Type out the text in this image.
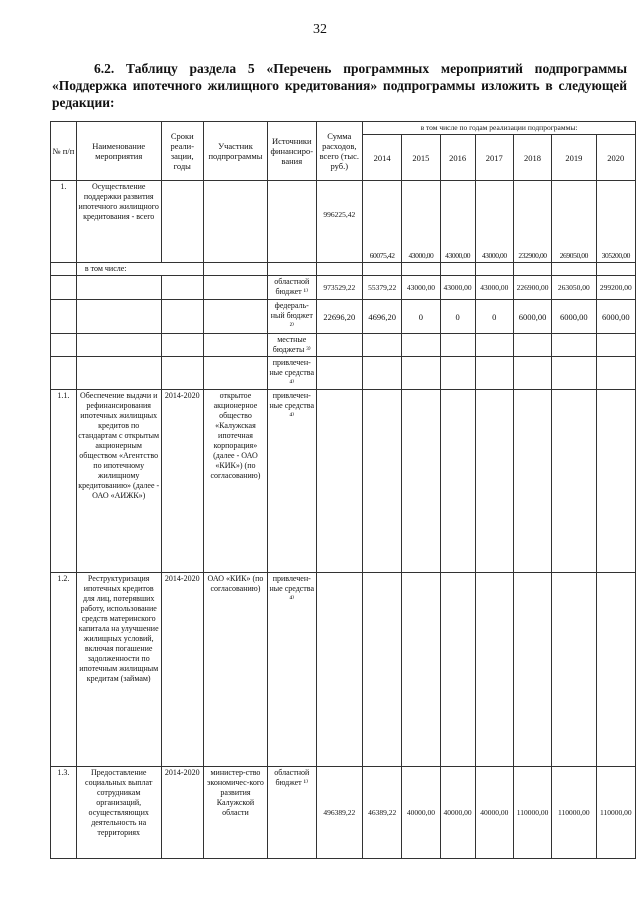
32
6.2. Таблицу раздела 5 «Перечень программных мероприятий подпрограммы «Поддержка ипотечного жилищного кредитования» подпрограммы изложить в следующей редакции:
№ п/п	Наименование мероприятия	Сроки реали-зации, годы	Участник подпрограммы	Источники финансиро-вания	Сумма расходов, всего (тыс. руб.)	в том числе по годам реализации подпрограммы:						
						2014	2015	2016	2017	2018	2019	2020
1.	Осуществление поддержки развития ипотечного жилищного кредитования - всего				996225,42	60075,42	43000,00	43000,00	43000,00	232900,00	269050,00	305200,00
	в том числе:											
				областной бюджет ¹⁾	973529,22	55379,22	43000,00	43000,00	43000,00	226900,00	263050,00	299200,00
				федераль-ный бюджет ²⁾	22696,20	4696,20	0	0	0	6000,00	6000,00	6000,00
				местные бюджеты ³⁾								
				привлечен-ные средства ⁴⁾								
1.1.	Обеспечение выдачи и рефинансирования ипотечных жилищных кредитов по стандартам с открытым акционерным обществом «Агентство по ипотечному жилищному кредитованию» (далее - ОАО «АИЖК»)	2014-2020	открытое акционерное общество «Калужская ипотечная корпорация» (далее - ОАО «КИК») (по согласованию)	привлечен-ные средства ⁴⁾								
1.2.	Реструктуризация ипотечных кредитов для лиц, потерявших работу, использование средств материнского капитала на улучшение жилищных условий, включая погашение задолженности по ипотечным жилищным кредитам (займам)	2014-2020	ОАО «КИК» (по согласованию)	привлечен-ные средства ⁴⁾								
1.3.	Предоставление социальных выплат сотрудникам организаций, осуществляющих деятельность на территориях	2014-2020	министер-ство экономичес-кого развития Калужской области	областной бюджет ¹⁾	496389,22	46389,22	40000,00	40000,00	40000,00	110000,00	110000,00	110000,00
